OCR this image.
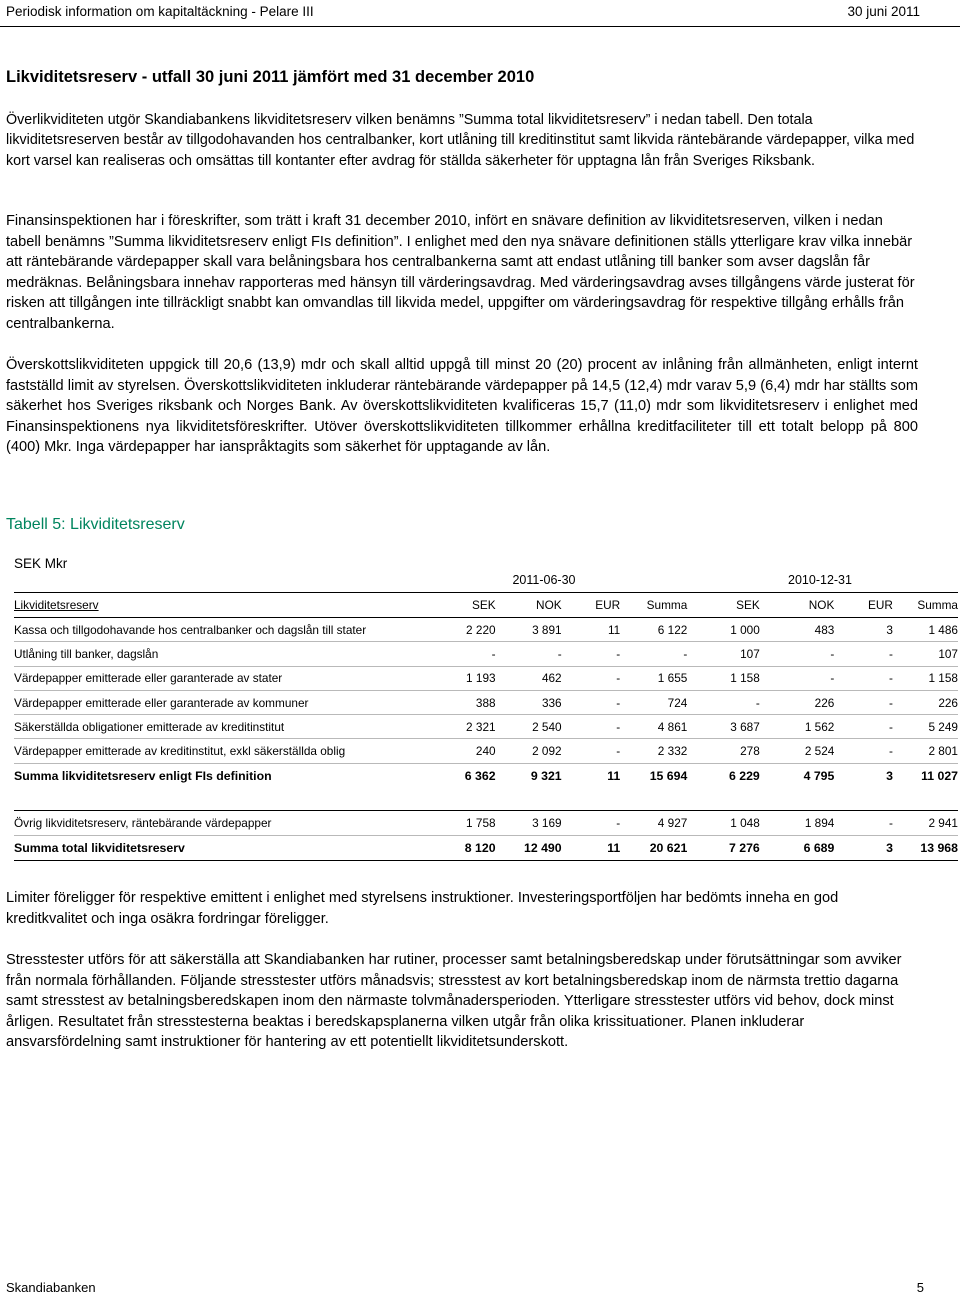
Periodisk information om kapitaltäckning - Pelare III	30 juni 2011
Likviditetsreserv - utfall 30 juni 2011 jämfört med 31 december 2010

Överlikviditeten utgör Skandiabankens likviditetsreserv vilken benämns ”Summa total likviditetsreserv” i nedan tabell. Den totala likviditetsreserven består av tillgodohavanden hos centralbanker, kort utlåning till kreditinstitut samt likvida räntebärande värdepapper, vilka med kort varsel kan realiseras och omsättas till kontanter efter avdrag för ställda säkerheter för upptagna lån från Sveriges Riksbank.

Finansinspektionen har i föreskrifter, som trätt i kraft 31 december 2010, infört en snävare definition av likviditetsreserven, vilken i nedan tabell benämns ”Summa likviditetsreserv enligt FIs definition”. I enlighet med den nya snävare definitionen ställs ytterligare krav vilka innebär att räntebärande värdepapper skall vara belåningsbara hos centralbankerna samt att endast utlåning till banker som avser dagslån får medräknas. Belåningsbara innehav rapporteras med hänsyn till värderingsavdrag. Med värderingsavdrag avses tillgångens värde justerat för risken att tillgången inte tillräckligt snabbt kan omvandlas till likvida medel, uppgifter om värderingsavdrag för respektive tillgång erhålls från centralbankerna.

Överskottslikviditeten uppgick till 20,6 (13,9) mdr och skall alltid uppgå till minst 20 (20) procent av inlåning från allmänheten, enligt internt fastställd limit av styrelsen. Överskottslikviditeten inkluderar räntebärande värdepapper på 14,5 (12,4) mdr varav 5,9 (6,4) mdr har ställts som säkerhet hos Sveriges riksbank och Norges Bank. Av överskottslikviditeten kvalificeras 15,7 (11,0) mdr som likviditetsreserv i enlighet med Finansinspektionens nya likviditetsföreskrifter. Utöver överskottslikviditeten tillkommer erhållna kreditfaciliteter till ett totalt belopp på 800 (400) Mkr. Inga värdepapper har ianspråktagits som säkerhet för upptagande av lån.

Tabell 5: Likviditetsreserv
SEK Mkr
2011-06-30	2010-12-31
Likviditetsreserv	SEK	NOK	EUR	Summa	SEK	NOK	EUR	Summa
Kassa och tillgodohavande hos centralbanker och dagslån till stater	2 220	3 891	11	6 122	1 000	483	3	1 486
Utlåning till banker, dagslån	-	-	-	-	107	-	-	107
Värdepapper emitterade eller garanterade av stater	1 193	462	-	1 655	1 158	-	-	1 158
Värdepapper emitterade eller garanterade av kommuner	388	336	-	724	-	226	-	226
Säkerställda obligationer emitterade av kreditinstitut	2 321	2 540	-	4 861	3 687	1 562	-	5 249
Värdepapper emitterade av kreditinstitut, exkl säkerställda oblig	240	2 092	-	2 332	278	2 524	-	2 801
Summa likviditetsreserv enligt FIs definition	6 362	9 321	11	15 694	6 229	4 795	3	11 027

Övrig likviditetsreserv, räntebärande värdepapper	1 758	3 169	-	4 927	1 048	1 894	-	2 941
Summa total likviditetsreserv	8 120	12 490	11	20 621	7 276	6 689	3	13 968

Limiter föreligger för respektive emittent i enlighet med styrelsens instruktioner. Investeringsportföljen har bedömts inneha en god kreditkvalitet och inga osäkra fordringar föreligger.

Stresstester utförs för att säkerställa att Skandiabanken har rutiner, processer samt betalningsberedskap under förutsättningar som avviker från normala förhållanden. Följande stresstester utförs månadsvis; stresstest av kort betalningsberedskap inom de närmsta trettio dagarna samt stresstest av betalningsberedskapen inom den närmaste tolvmånadersperioden. Ytterligare stresstester utförs vid behov, dock minst årligen. Resultatet från stresstesterna beaktas i beredskapsplanerna vilken utgår från olika krissituationer. Planen inkluderar ansvarsfördelning samt instruktioner för hantering av ett potentiellt likviditetsunderskott.

Skandiabanken	5
